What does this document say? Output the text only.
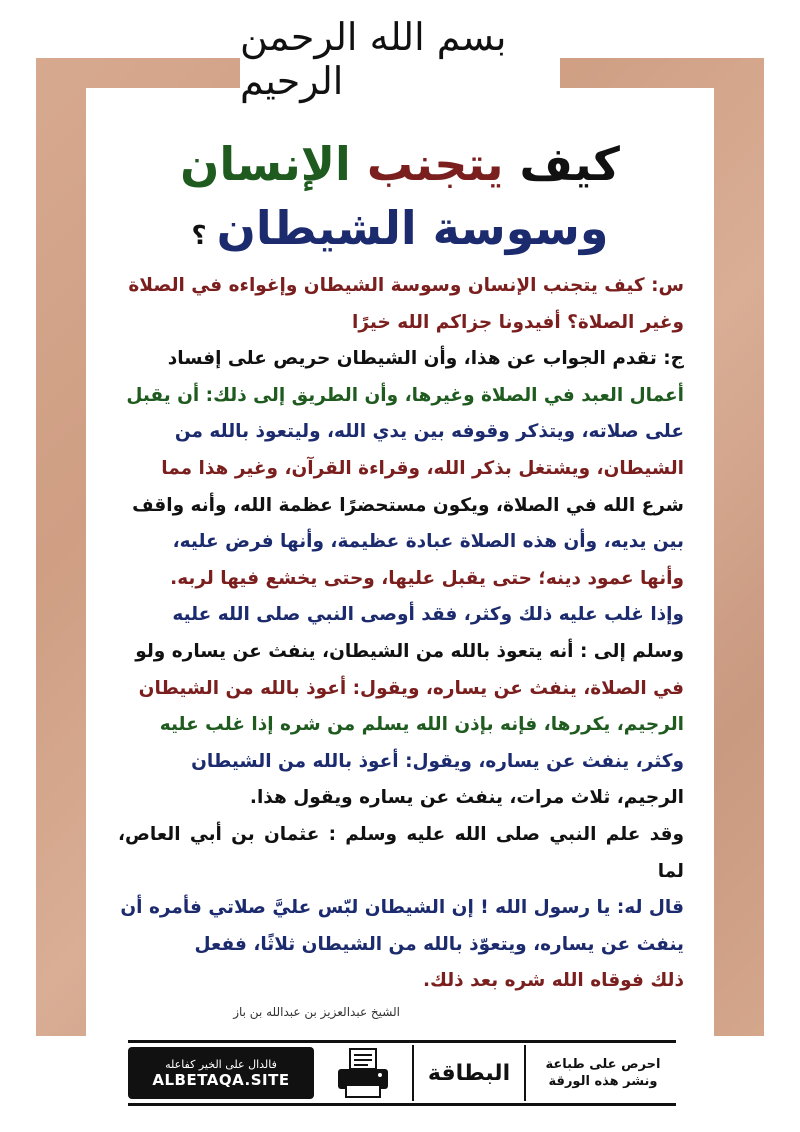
بسم الله الرحمن الرحيم
كيف يتجنب الإنسان
وسوسة الشيطان؟

س: كيف يتجنب الإنسان وسوسة الشيطان وإغواءه في الصلاة

وغير الصلاة؟ أفيدونا جزاكم الله خيرًا

ج: تقدم الجواب عن هذا، وأن الشيطان حريص على إفساد

أعمال العبد في الصلاة وغيرها، وأن الطريق إلى ذلك: أن يقبل

على صلاته، ويتذكر وقوفه بين يدي الله، وليتعوذ بالله من

الشيطان، ويشتغل بذكر الله، وقراءة القرآن، وغير هذا مما

شرع الله في الصلاة، ويكون مستحضرًا عظمة الله، وأنه واقف

بين يديه، وأن هذه الصلاة عبادة عظيمة، وأنها فرض عليه،

وأنها عمود دينه؛ حتى يقبل عليها، وحتى يخشع فيها لربه.

وإذا غلب عليه ذلك وكثر، فقد أوصى النبي صلى الله عليه

وسلم إلى : أنه يتعوذ بالله من الشيطان، ينفث عن يساره ولو

في الصلاة، ينفث عن يساره، ويقول: أعوذ بالله من الشيطان

الرجيم، يكررها، فإنه بإذن الله يسلم من شره إذا غلب عليه

وكثر، ينفث عن يساره، ويقول: أعوذ بالله من الشيطان

الرجيم، ثلاث مرات، ينفث عن يساره ويقول هذا.

وقد علم النبي صلى الله عليه وسلم : عثمان بن أبي العاص، لما

قال له: يا رسول الله ! إن الشيطان لبّس عليَّ صلاتي فأمره أن

ينفث عن يساره، ويتعوّذ بالله من الشيطان ثلاثًا، ففعل

ذلك فوقاه الله شره بعد ذلك.

الشيخ عبدالعزيز بن عبدالله بن باز
فالدال على الخير كفاعله
ALBETAQA.SITE	البطاقة	احرص على طباعة
ونشر هذه الورقة
